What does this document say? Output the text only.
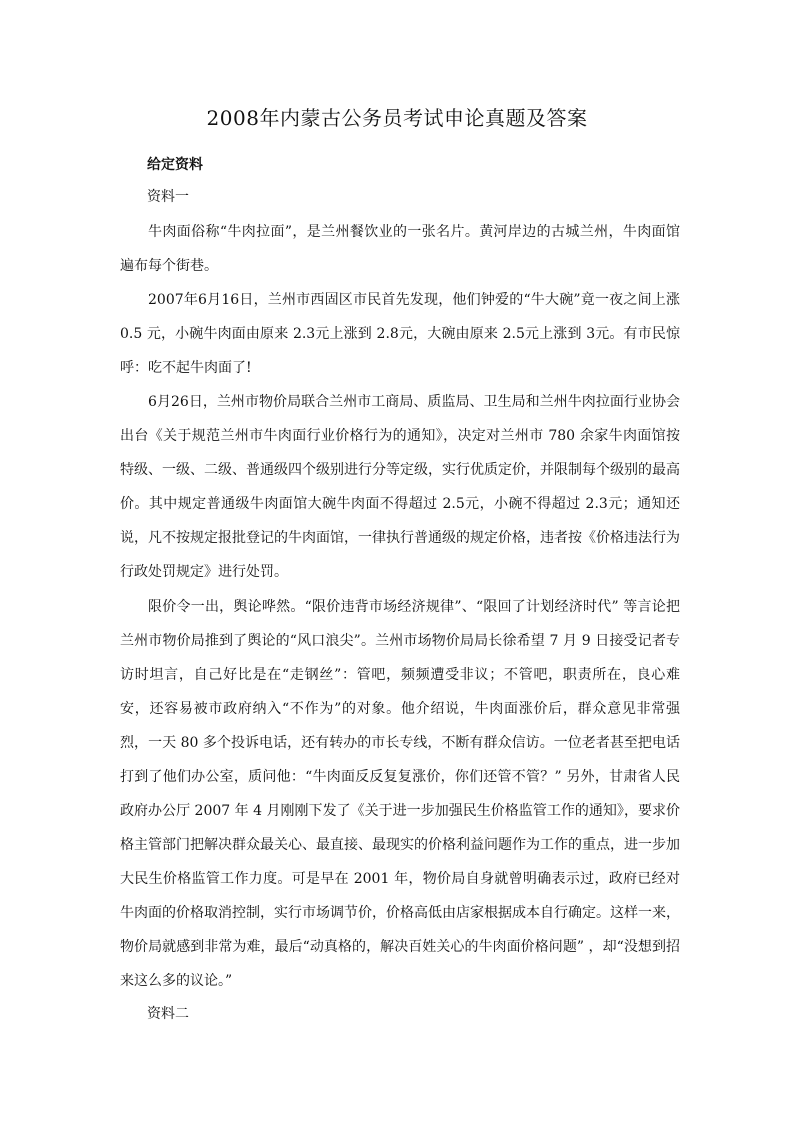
2008年内蒙古公务员考试申论真题及答案
给定资料
资料一

牛肉面俗称“牛肉拉面”，是兰州餐饮业的一张名片。黄河岸边的古城兰州，牛肉面馆遍布每个街巷。

2007年6月16日，兰州市西固区市民首先发现，他们钟爱的“牛大碗”竟一夜之间上涨0.5 元，小碗牛肉面由原来 2.3元上涨到 2.8元，大碗由原来 2.5元上涨到 3元。有市民惊呼：吃不起牛肉面了!

6月26日，兰州市物价局联合兰州市工商局、质监局、卫生局和兰州牛肉拉面行业协会出台《关于规范兰州市牛肉面行业价格行为的通知》，决定对兰州市 780 余家牛肉面馆按特级、一级、二级、普通级四个级别进行分等定级，实行优质定价，并限制每个级别的最高价。其中规定普通级牛肉面馆大碗牛肉面不得超过 2.5元，小碗不得超过 2.3元；通知还说，凡不按规定报批登记的牛肉面馆，一律执行普通级的规定价格，违者按《价格违法行为行政处罚规定》进行处罚。

限价令一出，舆论哗然。“限价违背市场经济规律”、“限回了计划经济时代” 等言论把兰州市物价局推到了舆论的“风口浪尖”。兰州市场物价局局长徐希望 7 月 9 日接受记者专访时坦言，自己好比是在“走钢丝”：管吧，频频遭受非议；不管吧，职责所在，良心难安，还容易被市政府纳入“不作为”的对象。他介绍说，牛肉面涨价后，群众意见非常强烈，一天 80 多个投诉电话，还有转办的市长专线，不断有群众信访。一位老者甚至把电话打到了他们办公室，质问他：“牛肉面反反复复涨价，你们还管不管？” 另外，甘肃省人民政府办公厅 2007 年 4 月刚刚下发了《关于进一步加强民生价格监管工作的通知》，要求价格主管部门把解决群众最关心、最直接、最现实的价格利益问题作为工作的重点，进一步加大民生价格监管工作力度。可是早在 2001 年，物价局自身就曾明确表示过，政府已经对牛肉面的价格取消控制，实行市场调节价，价格高低由店家根据成本自行确定。这样一来，物价局就感到非常为难，最后“动真格的，解决百姓关心的牛肉面价格问题” ，却“没想到招来这么多的议论。”

资料二
